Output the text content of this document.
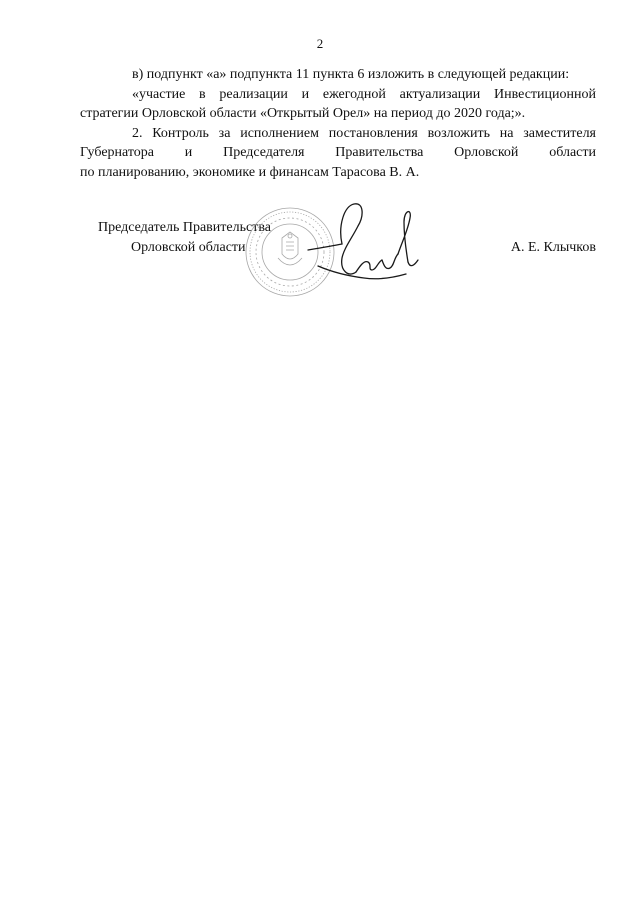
2

в) подпункт «а» подпункта 11 пункта 6 изложить в следующей редакции:

«участие в реализации и ежегодной актуализации Инвестиционной стратегии Орловской области «Открытый Орел» на период до 2020 года;».

2. Контроль за исполнением постановления возложить на заместителя
Губернатора и Председателя Правительства Орловской области
по планированию, экономике и финансам Тарасова В. А.
Председатель Правительства
Орловской области	А. Е. Клычков
